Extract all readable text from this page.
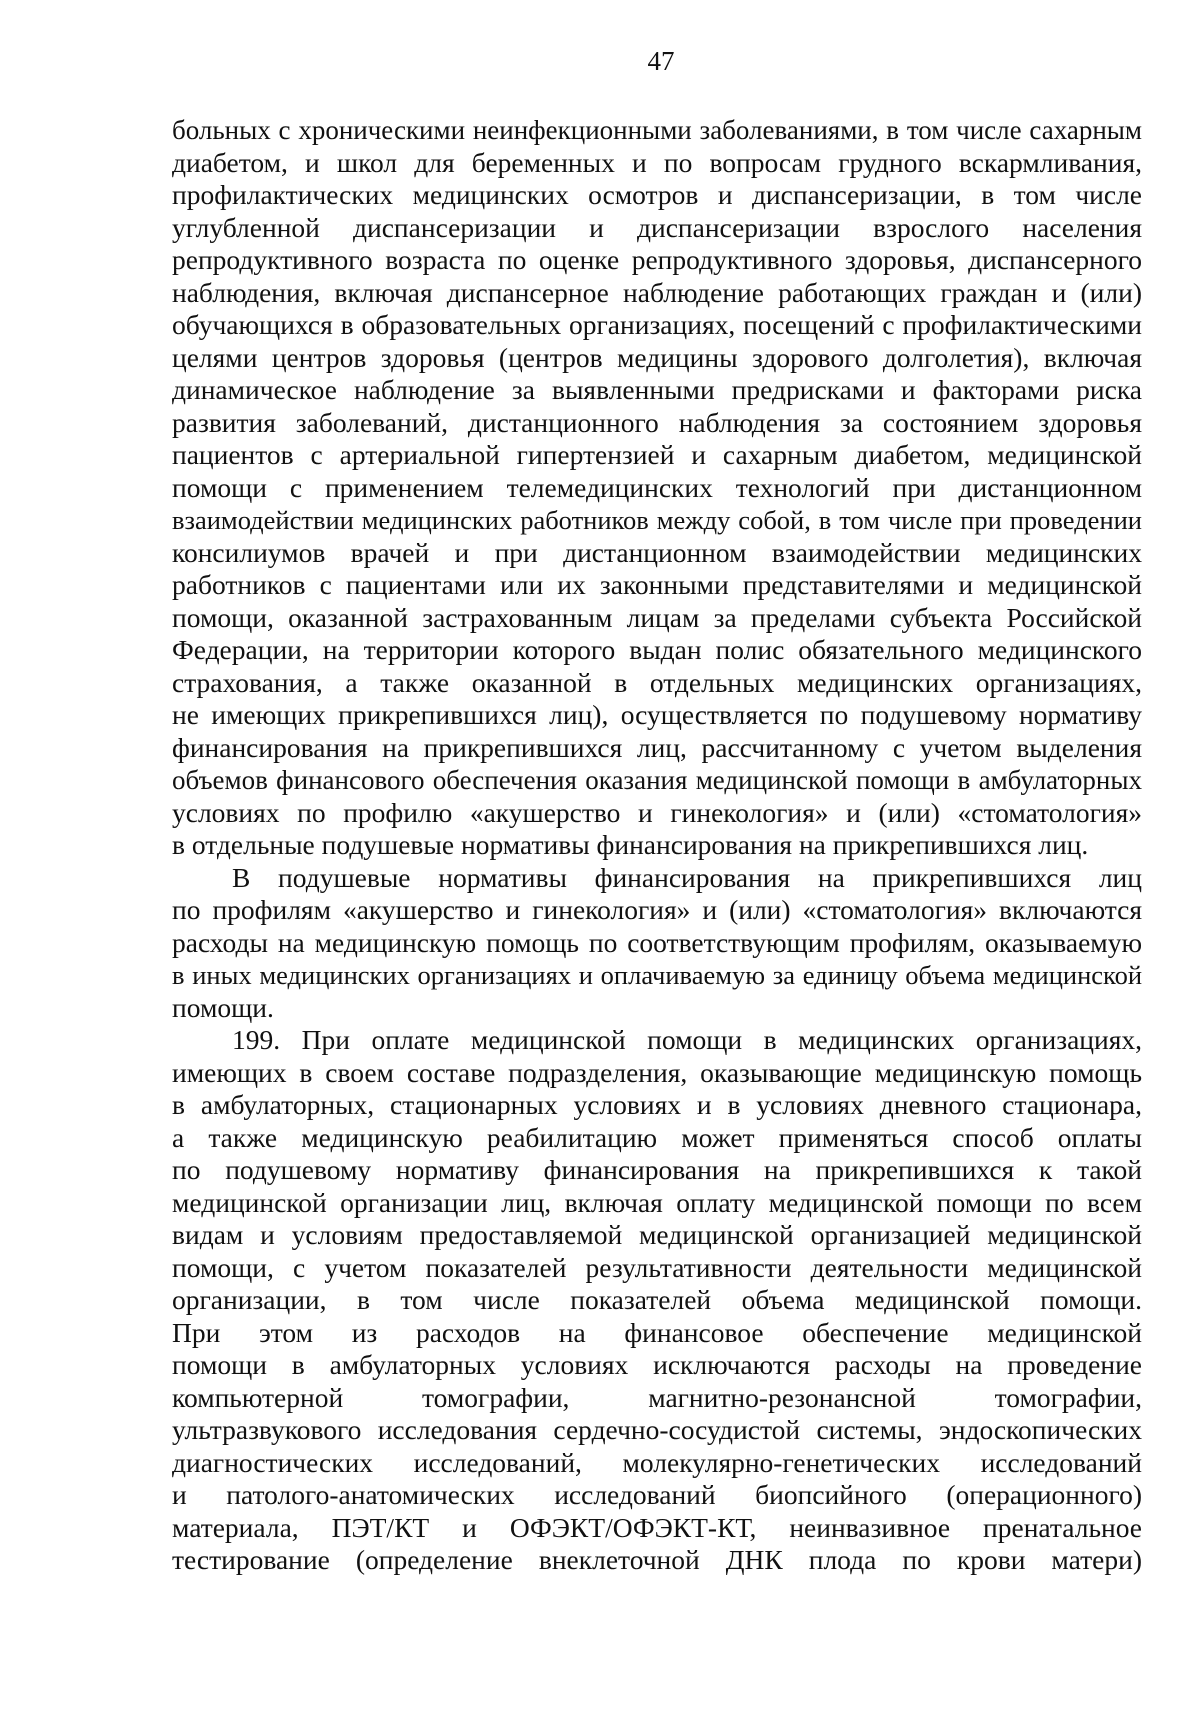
47
больных с хроническими неинфекционными заболеваниями, в том числе сахарным
диабетом, и школ для беременных и по вопросам грудного вскармливания,
профилактических медицинских осмотров и диспансеризации, в том числе
углубленной диспансеризации и диспансеризации взрослого населения
репродуктивного возраста по оценке репродуктивного здоровья, диспансерного
наблюдения, включая диспансерное наблюдение работающих граждан и (или)
обучающихся в образовательных организациях, посещений с профилактическими
целями центров здоровья (центров медицины здорового долголетия), включая
динамическое наблюдение за выявленными предрисками и факторами риска
развития заболеваний, дистанционного наблюдения за состоянием здоровья
пациентов с артериальной гипертензией и сахарным диабетом, медицинской
помощи с применением телемедицинских технологий при дистанционном
взаимодействии медицинских работников между собой, в том числе при проведении
консилиумов врачей и при дистанционном взаимодействии медицинских
работников с пациентами или их законными представителями и медицинской
помощи, оказанной застрахованным лицам за пределами субъекта Российской
Федерации, на территории которого выдан полис обязательного медицинского
страхования, а также оказанной в отдельных медицинских организациях,
не имеющих прикрепившихся лиц), осуществляется по подушевому нормативу
финансирования на прикрепившихся лиц, рассчитанному с учетом выделения
объемов финансового обеспечения оказания медицинской помощи в амбулаторных
условиях по профилю «акушерство и гинекология» и (или) «стоматология»
в отдельные подушевые нормативы финансирования на прикрепившихся лиц.
В подушевые нормативы финансирования на прикрепившихся лиц
по профилям «акушерство и гинекология» и (или) «стоматология» включаются
расходы на медицинскую помощь по соответствующим профилям, оказываемую
в иных медицинских организациях и оплачиваемую за единицу объема медицинской
помощи.
199. При оплате медицинской помощи в медицинских организациях,
имеющих в своем составе подразделения, оказывающие медицинскую помощь
в амбулаторных, стационарных условиях и в условиях дневного стационара,
а также медицинскую реабилитацию может применяться способ оплаты
по подушевому нормативу финансирования на прикрепившихся к такой
медицинской организации лиц, включая оплату медицинской помощи по всем
видам и условиям предоставляемой медицинской организацией медицинской
помощи, с учетом показателей результативности деятельности медицинской
организации, в том числе показателей объема медицинской помощи.
При этом из расходов на финансовое обеспечение медицинской
помощи в амбулаторных условиях исключаются расходы на проведение
компьютерной томографии, магнитно-резонансной томографии,
ультразвукового исследования сердечно-сосудистой системы, эндоскопических
диагностических исследований, молекулярно-генетических исследований
и патолого-анатомических исследований биопсийного (операционного)
материала, ПЭТ/КТ и ОФЭКТ/ОФЭКТ-КТ, неинвазивное пренатальное
тестирование (определение внеклеточной ДНК плода по крови матери)
